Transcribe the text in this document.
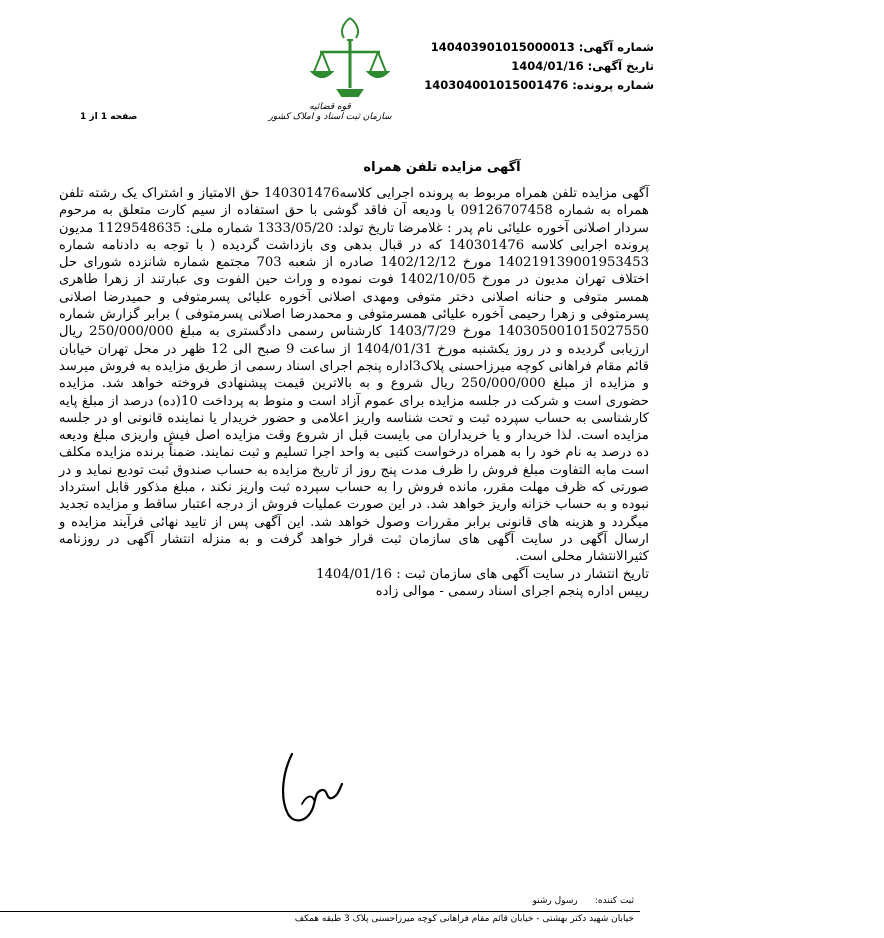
شماره آگهی: 140403901015000013
تاریخ آگهی: 1404/01/16
شماره پرونده: 140304001015001476
صفحه 1 از 1
قوه قضائیه
سازمان ثبت اسناد و املاک کشور
آگهی مزایده تلفن همراه

آگهی مزایده تلفن همراه مربوط به پرونده اجرایی کلاسه140301476 حق الامتیاز و اشتراک یک رشته تلفن همراه به شماره 09126707458 با ودیعه آن فاقد گوشی با حق استفاده از سیم کارت متعلق به مرحوم سردار اصلانی آخوره علیائی نام پدر : غلامرضا تاریخ تولد: 1333/05/20 شماره ملی: 1129548635 مدیون پرونده اجرایی کلاسه 140301476 که در قبال بدهی وی بازداشت گردیده ( با توجه به دادنامه شماره 140219139001953453 مورخ 1402/12/12 صادره از شعبه 703 مجتمع شماره شانزده شورای حل اختلاف تهران مدیون در مورخ 1402/10/05 فوت نموده و وراث حین الفوت وی عبارتند از زهرا طاهری همسر متوفی و حنانه اصلانی دختر متوفی ومهدی اصلانی آخوره علیائی پسرمتوفی و حمیدرضا اصلانی پسرمتوفی و زهرا رحیمی آخوره علیائی همسرمتوفی و محمدرضا اصلانی پسرمتوفی ) برابر گزارش شماره 140305001015027550 مورخ 1403/7/29 کارشناس رسمی دادگستری به مبلغ 250/000/000 ریال ارزیابی گردیده و در روز یکشنبه مورخ 1404/01/31 از ساعت 9 صبح الی 12 ظهر در محل تهران خیابان قائم مقام فراهانی کوچه میرزاحسنی پلاک3اداره پنجم اجرای اسناد رسمی از طریق مزایده به فروش میرسد و مزایده از مبلغ 250/000/000 ریال شروع و به بالاترین قیمت پیشنهادی فروخته خواهد شد. مزایده حضوری است و شرکت در جلسه مزایده برای عموم آزاد است و منوط به پرداخت 10(ده) درصد از مبلغ پایه کارشناسی به حساب سپرده ثبت و تحت شناسه واریز اعلامی و حضور خریدار یا نماینده قانونی او در جلسه مزایده است. لذا خریدار و یا خریداران می بایست قبل از شروع وقت مزایده اصل فیش واریزی مبلغ ودیعه ده درصد به نام خود را به همراه درخواست کتبی به واحد اجرا تسلیم و ثبت نمایند. ضمناً برنده مزایده مکلف است مابه التفاوت مبلغ فروش را ظرف مدت پنج روز از تاریخ مزایده به حساب صندوق ثبت تودیع نماید و در صورتی که ظرف مهلت مقرر، مانده فروش را به حساب سپرده ثبت واریز نکند ، مبلغ مذکور قابل استرداد نبوده و به حساب خزانه واریز خواهد شد. در این صورت عملیات فروش از درجه اعتبار ساقط و مزایده تجدید میگردد و هزینه های قانونی برابر مقررات وصول خواهد شد. این آگهی پس از تایید نهائی فرآیند مزایده و ارسال آگهی در سایت آگهی های سازمان ثبت قرار خواهد گرفت و به منزله انتشار آگهی در روزنامه کثیرالانتشار محلی است.

تاریخ انتشار در سایت آگهی های سازمان ثبت : 1404/01/16

رییس اداره پنجم اجرای اسناد رسمی - موالی زاده

ثبت کننده:      رسول رشنو
خیابان شهید دکتر بهشتی - خیابان قائم مقام فراهانی کوچه میرزاحسنی پلاک 3 طبقه همکف
